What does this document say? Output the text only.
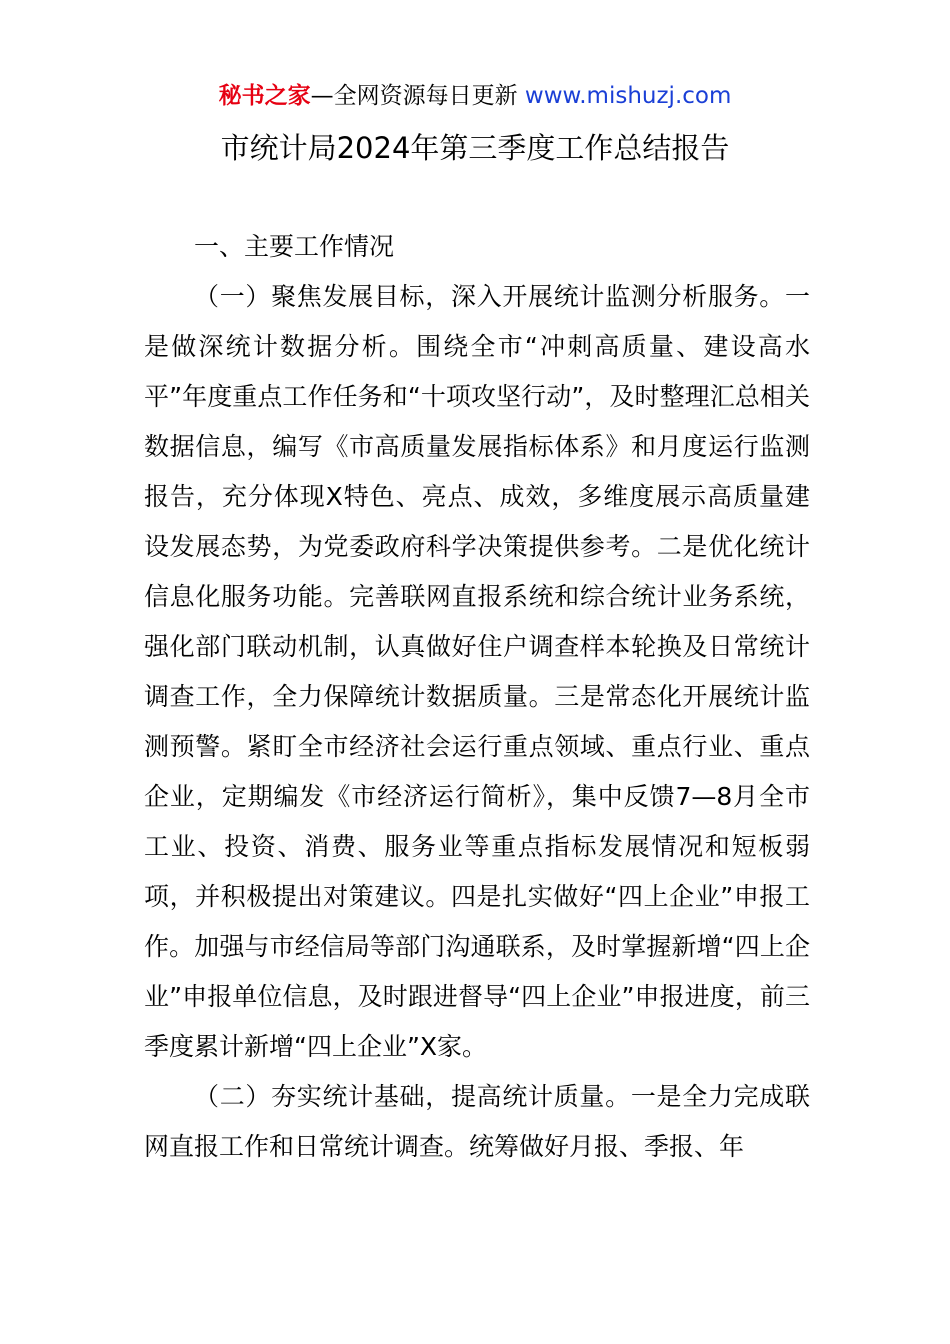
秘书之家—全网资源每日更新 www.mishuzj.com
市统计局2024年第三季度工作总结报告

一、主要工作情况

（一）聚焦发展目标，深入开展统计监测分析服务。一是做深统计数据分析。围绕全市“冲刺高质量、建设高水平”年度重点工作任务和“十项攻坚行动”，及时整理汇总相关数据信息，编写《市高质量发展指标体系》和月度运行监测报告，充分体现X特色、亮点、成效，多维度展示高质量建设发展态势，为党委政府科学决策提供参考。二是优化统计信息化服务功能。完善联网直报系统和综合统计业务系统，强化部门联动机制，认真做好住户调查样本轮换及日常统计调查工作，全力保障统计数据质量。三是常态化开展统计监测预警。紧盯全市经济社会运行重点领域、重点行业、重点企业，定期编发《市经济运行简析》，集中反馈7—8月全市工业、投资、消费、服务业等重点指标发展情况和短板弱项，并积极提出对策建议。四是扎实做好“四上企业”申报工作。加强与市经信局等部门沟通联系，及时掌握新增“四上企业”申报单位信息，及时跟进督导“四上企业”申报进度，前三季度累计新增“四上企业”X家。

（二）夯实统计基础，提高统计质量。一是全力完成联网直报工作和日常统计调查。统筹做好月报、季报、年
